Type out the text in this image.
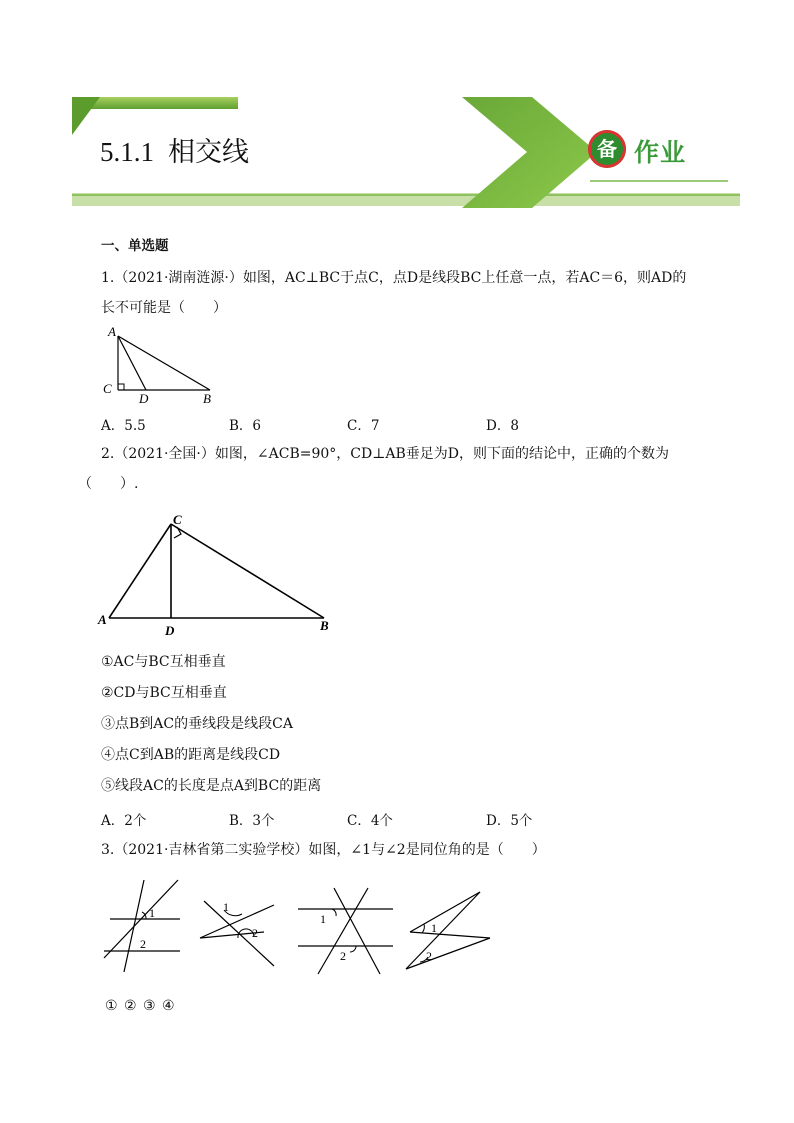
5.1.1 相交线	备 作业
一、单选题
1.（2021·湖南涟源·）如图，AC⊥BC于点C，点D是线段BC上任意一点，若AC＝6，则AD的
长不可能是（　　）
A
C
D	B
A．5.5	B．6	C．7	D．8
2.（2021·全国·）如图，∠ACB=90°，CD⊥AB垂足为D，则下面的结论中，正确的个数为
（　　）.
C
A
D	B
①AC与BC互相垂直
②CD与BC互相垂直
③点B到AC的垂线段是线段CA
④点C到AB的距离是线段CD
⑤线段AC的长度是点A到BC的距离
A．2个	B．3个	C．4个	D．5个
3.（2021·吉林省第二实验学校）如图，∠1与∠2是同位角的是（　　）
1
2
1
2
1
2
1
2
① ② ③ ④
